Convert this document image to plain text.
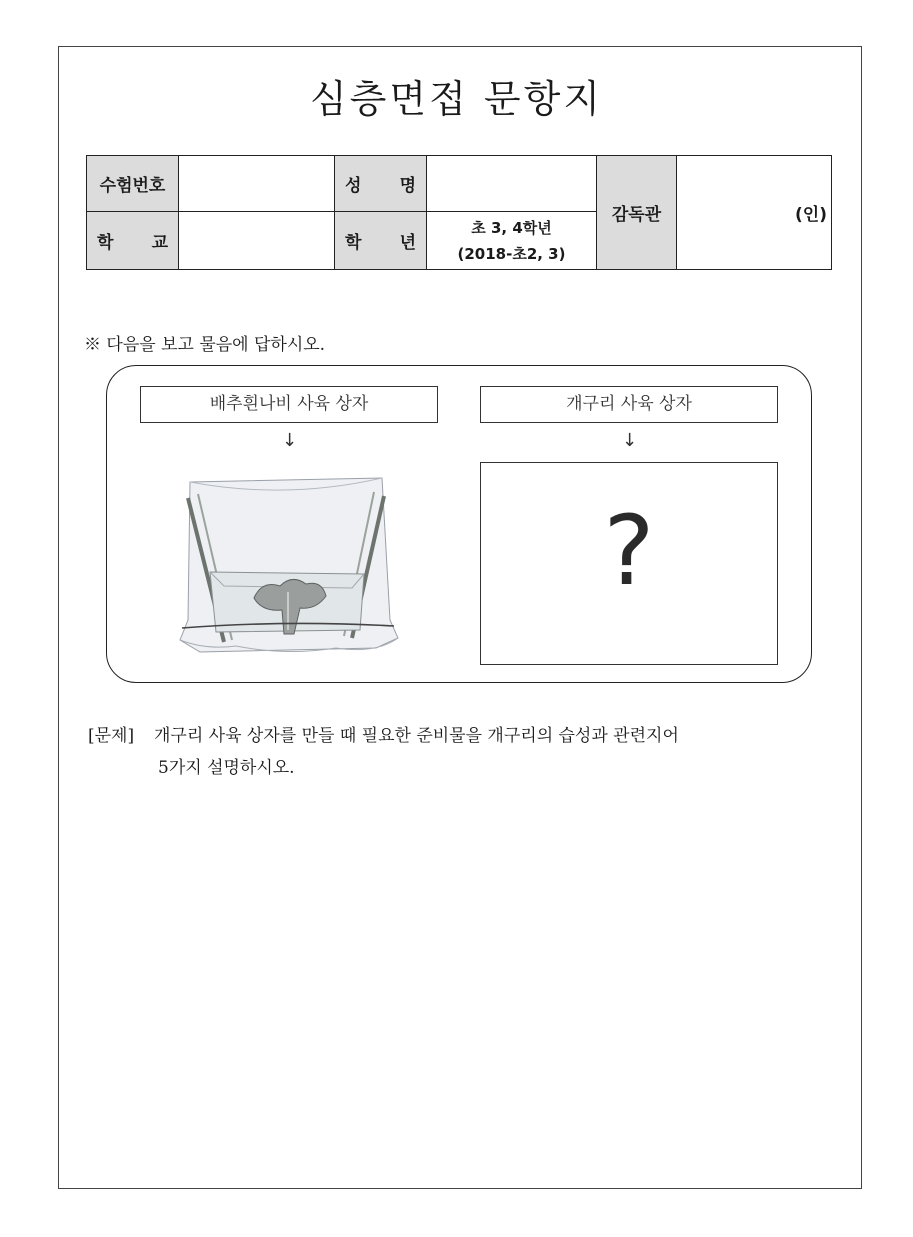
심층면접 문항지
수험번호		성 명		감독관	(인)
학 교		학 년	초 3, 4학년
(2018-초2, 3)		
※ 다음을 보고 물음에 답하시오.
배추흰나비 사육 상자	개구리 사육 상자
↓	↓
?
[문제] 개구리 사육 상자를 만들 때 필요한 준비물을 개구리의 습성과 관련지어
5가지 설명하시오.
